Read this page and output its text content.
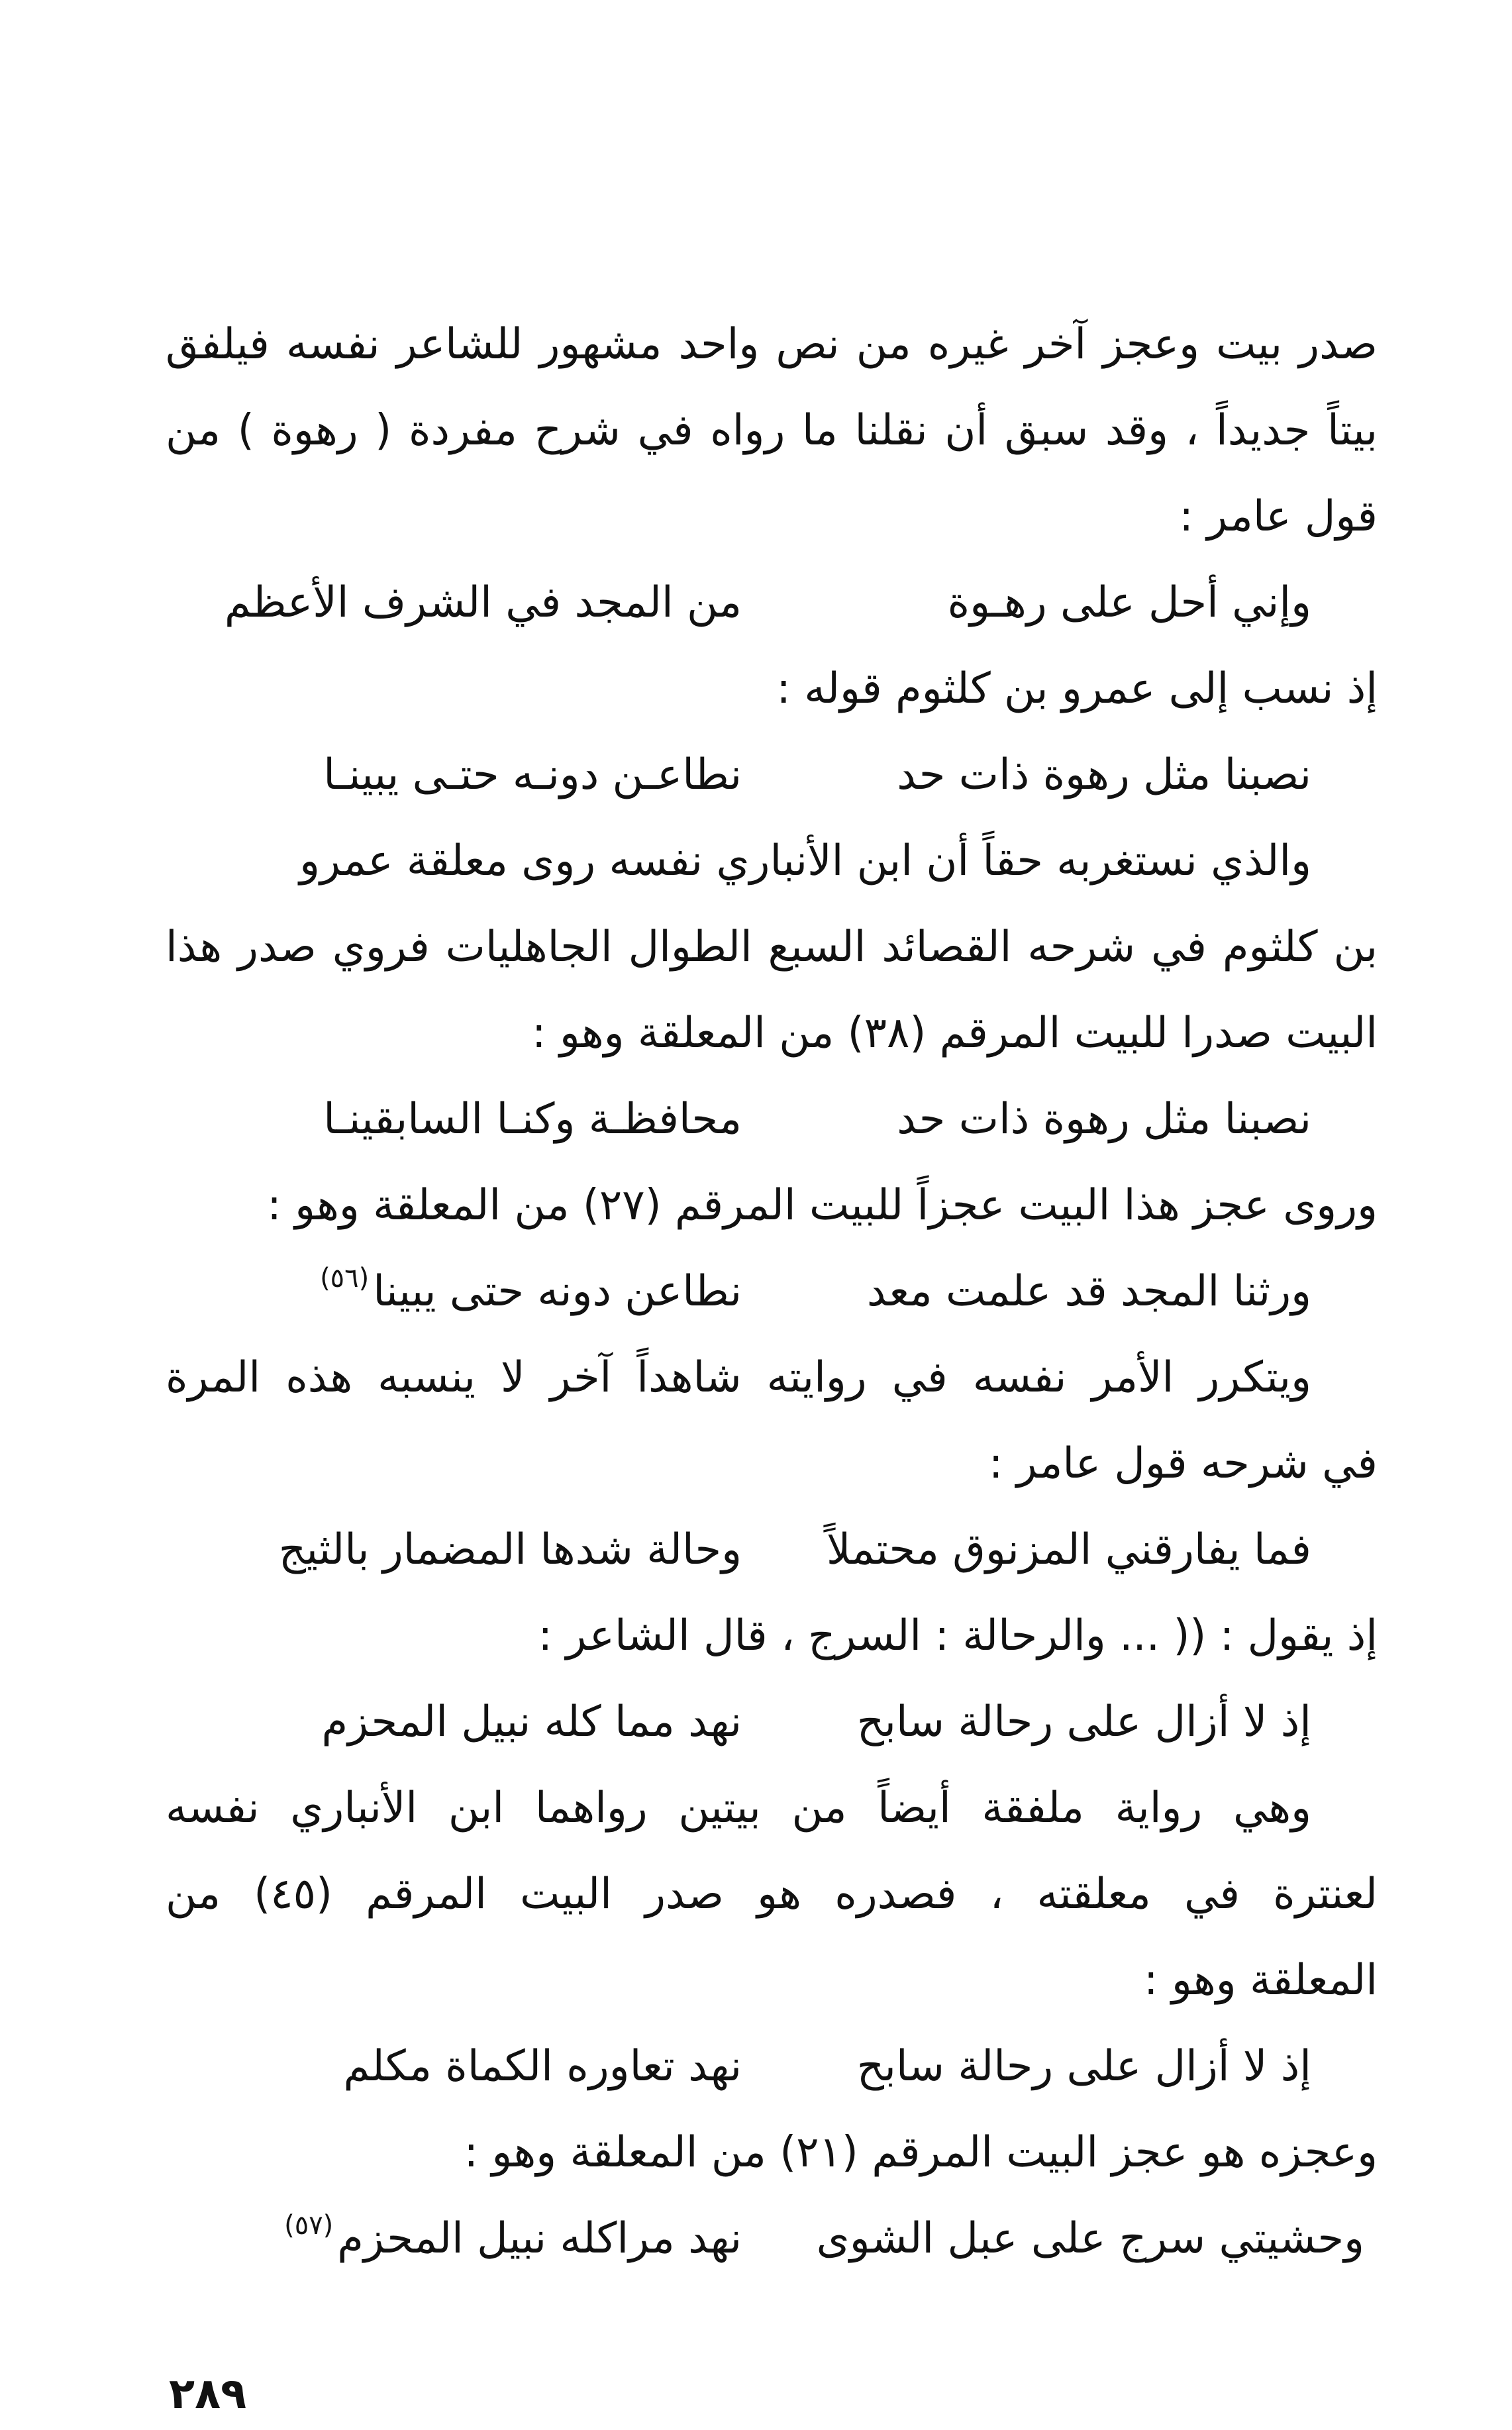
صدر بيت وعجز آخر غيره من نص واحد مشهور للشاعر نفسه فيلفق
بيتاً جديداً ، وقد سبق أن نقلنا ما رواه في شرح مفردة ( رهوة ) من
قول عامر :
وإني أحل على رهـوة
من المجد في الشرف الأعظم
إذ نسب إلى عمرو بن كلثوم قوله :
نصبنا مثل رهوة ذات حد
نطاعـن دونـه حتـى يبينـا
والذي نستغربه حقاً أن ابن الأنباري نفسه روى معلقة عمرو
بن كلثوم في شرحه القصائد السبع الطوال الجاهليات فروي صدر هذا
البيت صدرا للبيت المرقم (٣٨) من المعلقة وهو :
نصبنا مثل رهوة ذات حد
محافظـة وكنـا السابقينـا
وروى عجز هذا البيت عجزاً للبيت المرقم (٢٧) من المعلقة وهو :
ورثنا المجد قد علمت معد
نطاعن دونه حتى يبينا$^{(٥٦)}$
ويتكرر الأمر نفسه في روايته شاهداً آخر لا ينسبه هذه المرة
في شرحه قول عامر :
فما يفارقني المزنوق محتملاً
وحالة شدها المضمار بالثيج
إذ يقول : (( ... والرحالة : السرج ، قال الشاعر :
إذ لا أزال على رحالة سابح
نهد مما كله نبيل المحزم
وهي رواية ملفقة أيضاً من بيتين رواهما ابن الأنباري نفسه
لعنترة في معلقته ، فصدره هو صدر البيت المرقم (٤٥) من
المعلقة وهو :
إذ لا أزال على رحالة سابح
نهد تعاوره الكماة مكلم
وعجزه هو عجز البيت المرقم (٢١) من المعلقة وهو :
وحشيتي سرج على عبل الشوى
نهد مراكله نبيل المحزم$^{(٥٧)}$
٢٨٩
